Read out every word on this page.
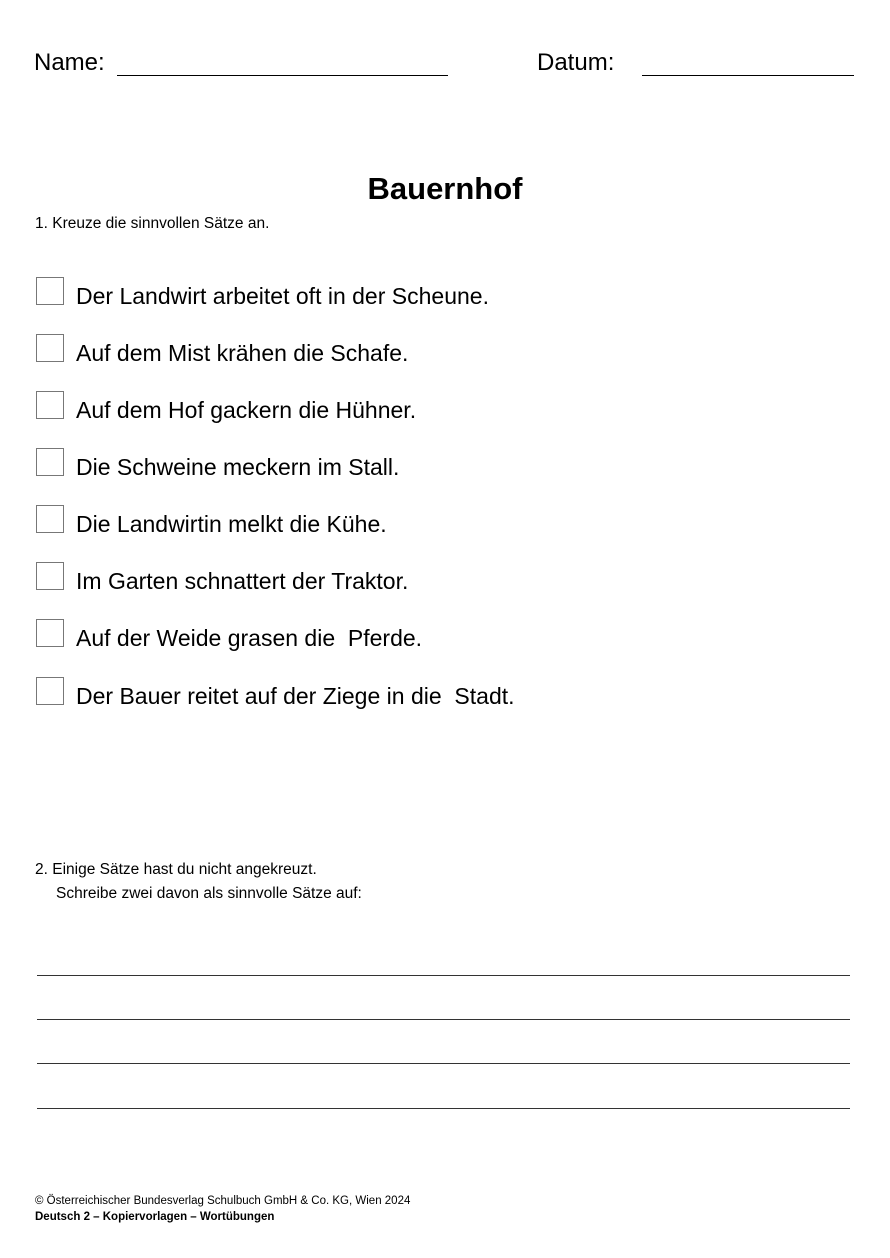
Name:	Datum:
Bauernhof
1. Kreuze die sinnvollen Sätze an.
Der Landwirt arbeitet oft in der Scheune.
Auf dem Mist krähen die Schafe.
Auf dem Hof gackern die Hühner.
Die Schweine meckern im Stall.
Die Landwirtin melkt die Kühe.
Im Garten schnattert der Traktor.
Auf der Weide grasen die  Pferde.
Der Bauer reitet auf der Ziege in die  Stadt.
2. Einige Sätze hast du nicht angekreuzt.
Schreibe zwei davon als sinnvolle Sätze auf:
© Österreichischer Bundesverlag Schulbuch GmbH & Co. KG, Wien 2024
Deutsch 2 – Kopiervorlagen – Wortübungen
